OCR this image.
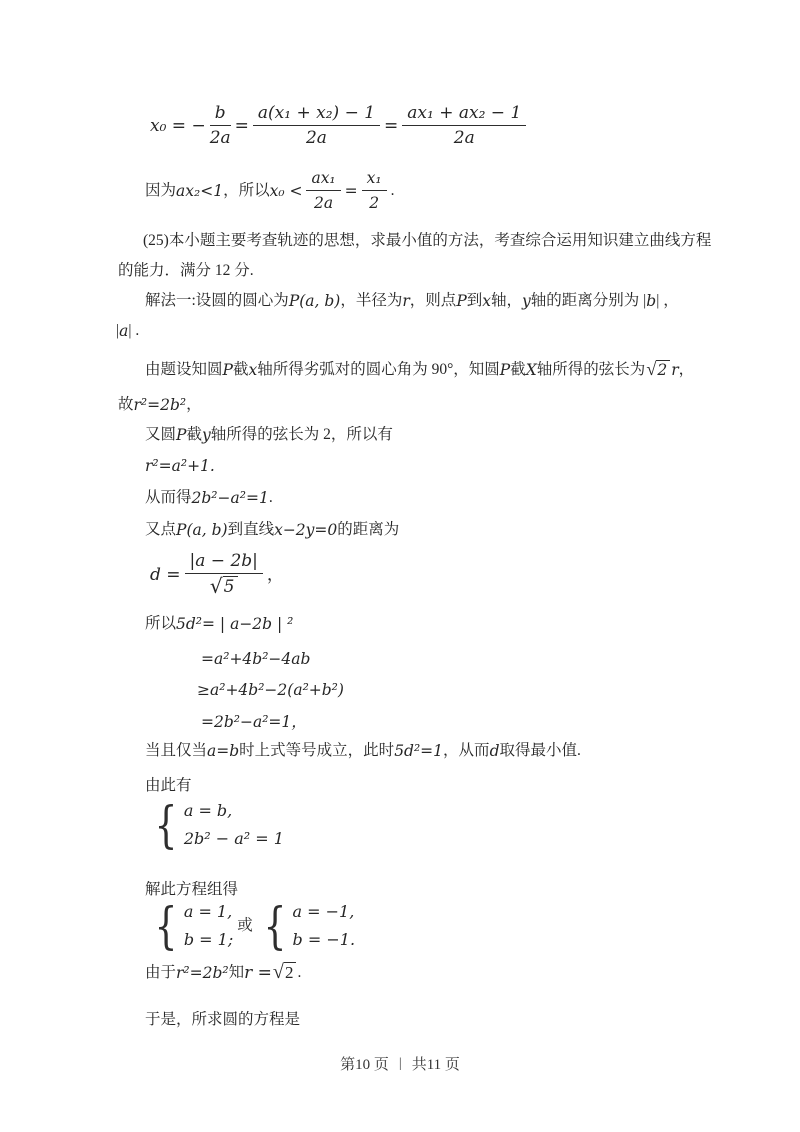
x₀ = − $\frac{b}{2a} = \frac{\text{a(x₁ + x₂) − 1}}{2a} = \frac{\text{ax₁ + ax₂ − 1}}{2a}$
因为 ax₂<1 ，所以 $x_0 < \frac{\text{ax₁}}{2a} = \frac{\text{x₁}}{2}$ .
(25)本小题主要考查轨迹的思想，求最小值的方法，考查综合运用知识建立曲线方程
的能力．满分 12 分.
解法一:设圆的圆心为 P(a, b) ，半径为 r ，则点 P 到 x 轴， y 轴的距离分别为 | b | ，
| a | .
由题设知圆 P 截 x 轴所得劣弧对的圆心角为 90°，知圆 P 截 X 轴所得的弦长为 √ 2 r ，
故 r²=2b² ，
又圆 P 截 y 轴所得的弦长为 2，所以有
r²=a²+1.
从而得 2b²−a²=1 .
又点 P(a, b) 到直线 x−2y=0 的距离为
$d = \frac{|a - 2b|}{√ 5}$ ，
所以 5d²= | a−2b | ²
=a²+4b²−4ab
≥a²+4b²−2(a²+b²)
=2b²−a²=1，
当且仅当 a=b 时上式等号成立，此时 5d²=1 ，从而 d 取得最小值.
由此有
{ a = b,
2b² − a² = 1
解此方程组得
{ a = 1,
b = 1;
或 { a = −1,
b = −1.
由于 r²=2b² 知 r = √ 2 .
于是，所求圆的方程是
第10 页 | 共11 页
